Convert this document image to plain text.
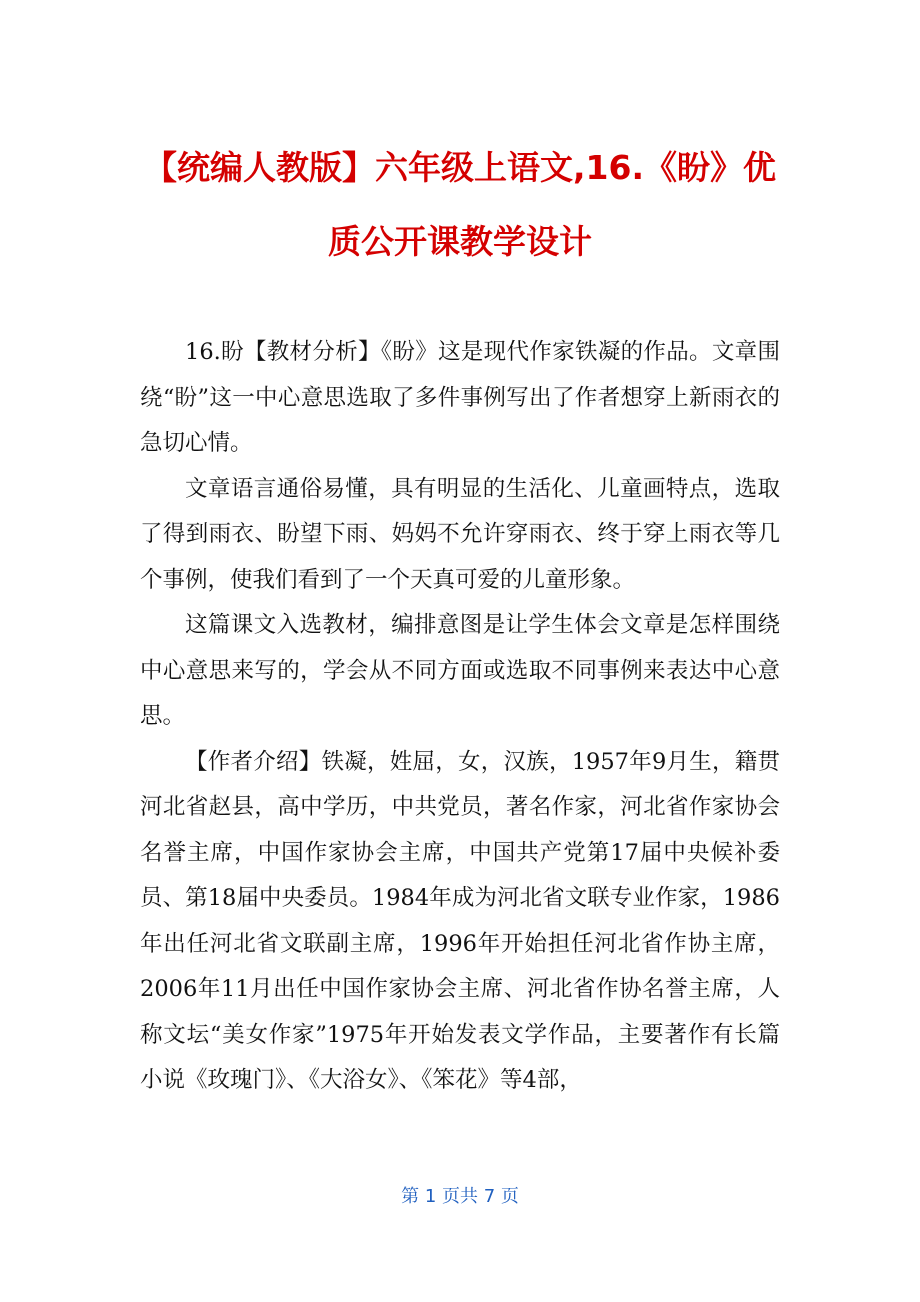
【统编人教版】六年级上语文,16.《盼》优
质公开课教学设计

16.盼【教材分析】《盼》这是现代作家铁凝的作品。文章围绕“盼”这一中心意思选取了多件事例写出了作者想穿上新雨衣的急切心情。

文章语言通俗易懂，具有明显的生活化、儿童画特点，选取了得到雨衣、盼望下雨、妈妈不允许穿雨衣、终于穿上雨衣等几个事例，使我们看到了一个天真可爱的儿童形象。

这篇课文入选教材，编排意图是让学生体会文章是怎样围绕中心意思来写的，学会从不同方面或选取不同事例来表达中心意思。

【作者介绍】铁凝，姓屈，女，汉族，1957年9月生，籍贯河北省赵县，高中学历，中共党员，著名作家，河北省作家协会名誉主席，中国作家协会主席，中国共产党第17届中央候补委员、第18届中央委员。1984年成为河北省文联专业作家，1986年出任河北省文联副主席，1996年开始担任河北省作协主席，2006年11月出任中国作家协会主席、河北省作协名誉主席，人称文坛“美女作家”1975年开始发表文学作品，主要著作有长篇小说《玫瑰门》、《大浴女》、《笨花》等4部，

第 1 页共 7 页
